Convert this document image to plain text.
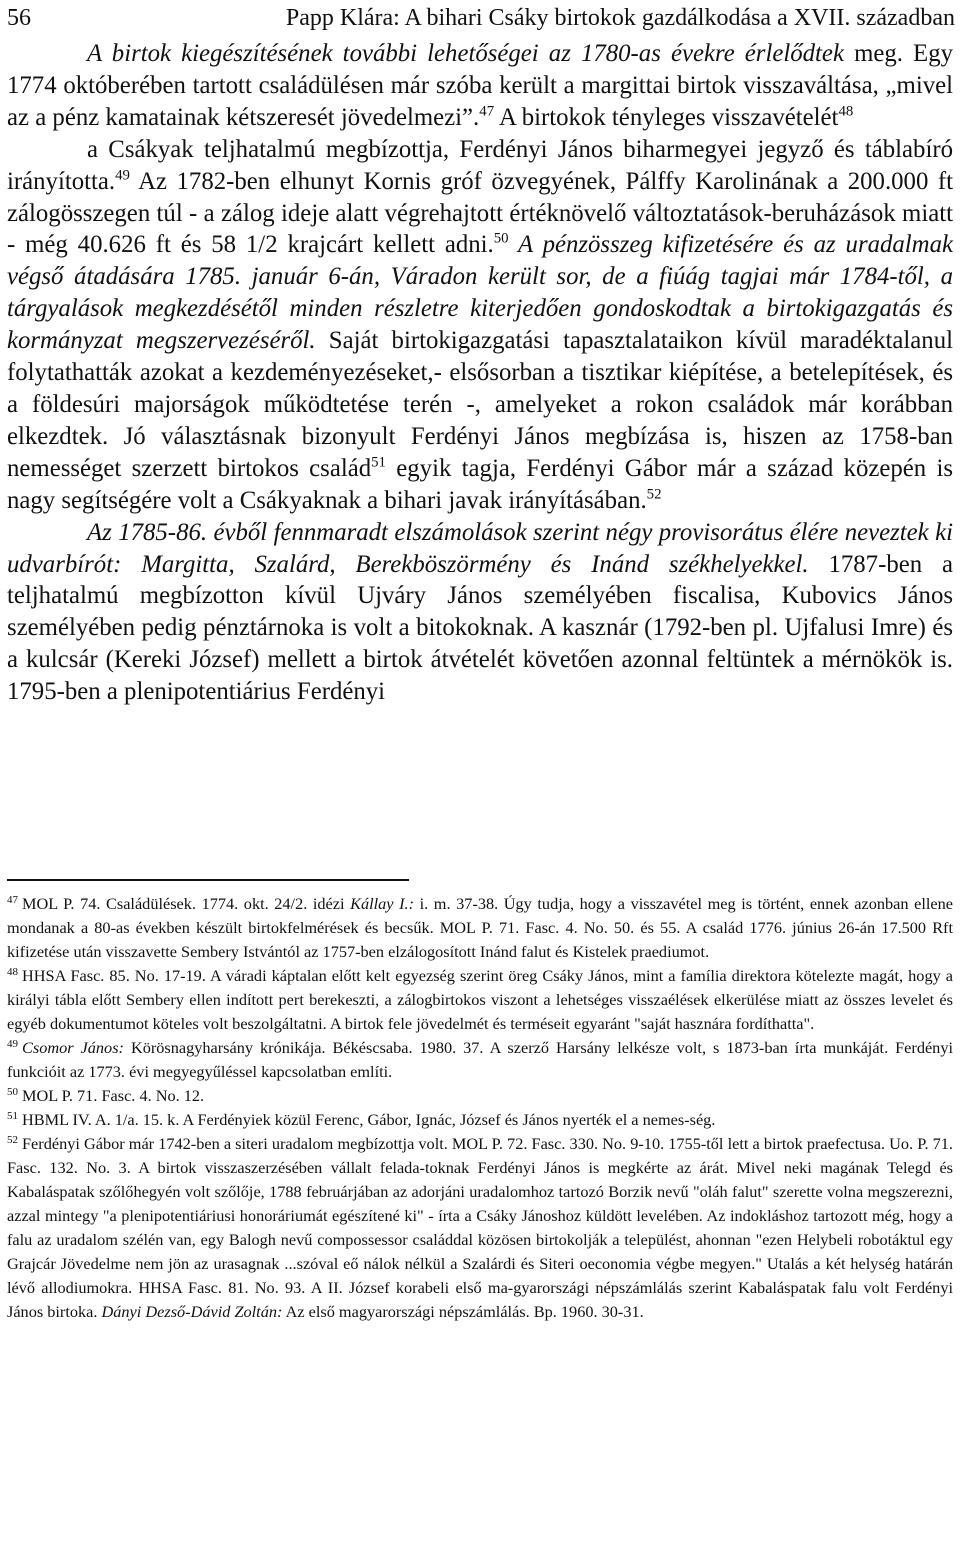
56	Papp Klára: A bihari Csáky birtokok gazdálkodása a XVII. században

A birtok kiegészítésének további lehetőségei az 1780-as évekre érlelődtek meg. Egy 1774 októberében tartott családülésen már szóba került a margittai birtok visszaváltása, „mivel az a pénz kamatainak kétszeresét jövedelmezi”.$^{47}$ A birtokok tényleges visszavételét$^{48}$

a Csákyak teljhatalmú megbízottja, Ferdényi János biharmegyei jegyző és táblabíró irányította.$^{49}$ Az 1782-ben elhunyt Kornis gróf özvegyének, Pálffy Karolinának a 200.000 ft zálogösszegen túl - a zálog ideje alatt végrehajtott értéknövelő változtatások-beruházások miatt - még 40.626 ft és 58 1/2 krajcárt kellett adni.$^{50}$ A pénzösszeg kifizetésére és az uradalmak végső átadására 1785. január 6-án, Váradon került sor, de a fiúág tagjai már 1784-től, a tárgyalások megkezdésétől minden részletre kiterjedően gondoskodtak a birtokigazgatás és kormányzat megszervezéséről. Saját birtokigazgatási tapasztalataikon kívül maradéktalanul folytathatták azokat a kezdeményezéseket,- elsősorban a tisztikar kiépítése, a betelepítések, és a földesúri majorságok működtetése terén -, amelyeket a rokon családok már korábban elkezdtek. Jó választásnak bizonyult Ferdényi János megbízása is, hiszen az 1758-ban nemességet szerzett birtokos család$^{51}$ egyik tagja, Ferdényi Gábor már a század közepén is nagy segítségére volt a Csákyaknak a bihari javak irányításában.$^{52}$

Az 1785-86. évből fennmaradt elszámolások szerint négy provisorátus élére neveztek ki udvarbírót: Margitta, Szalárd, Berekböszörmény és Inánd székhelyekkel. 1787-ben a teljhatalmú megbízotton kívül Ujváry János személyében fiscalisa, Kubovics János személyében pedig pénztárnoka is volt a bitokoknak. A kasznár (1792-ben pl. Ujfalusi Imre) és a kulcsár (Kereki József) mellett a birtok átvételét követően azonnal feltüntek a mérnökök is. 1795-ben a plenipotentiárius Ferdényi

$^{47}$ MOL P. 74. Családülések. 1774. okt. 24/2. idézi Kállay I.: i. m. 37-38. Úgy tudja, hogy a visszavétel meg is történt, ennek azonban ellene mondanak a 80-as években készült birtokfelmérések és becsűk. MOL P. 71. Fasc. 4. No. 50. és 55. A család 1776. június 26-án 17.500 Rft kifizetése után visszavette Sembery Istvántól az 1757-ben elzálogosított Inánd falut és Kistelek praediumot.

$^{48}$ HHSA Fasc. 85. No. 17-19. A váradi káptalan előtt kelt egyezség szerint öreg Csáky János, mint a família direktora kötelezte magát, hogy a királyi tábla előtt Sembery ellen indított pert berekeszti, a zálogbirtokos viszont a lehetséges visszaélések elkerülése miatt az összes levelet és egyéb dokumentumot köteles volt beszolgáltatni. A birtok fele jövedelmét és terméseit egyaránt "saját hasznára fordíthatta".

$^{49}$ Csomor János: Körösnagyharsány krónikája. Békéscsaba. 1980. 37. A szerző Harsány lelkésze volt, s 1873-ban írta munkáját. Ferdényi funkcióit az 1773. évi megyegyűléssel kapcsolatban említi.

$^{50}$ MOL P. 71. Fasc. 4. No. 12.

$^{51}$ HBML IV. A. 1/a. 15. k. A Ferdényiek közül Ferenc, Gábor, Ignác, József és János nyerték el a nemes-ség.

$^{52}$ Ferdényi Gábor már 1742-ben a siteri uradalom megbízottja volt. MOL P. 72. Fasc. 330. No. 9-10. 1755-től lett a birtok praefectusa. Uo. P. 71. Fasc. 132. No. 3. A birtok visszaszerzésében vállalt felada-toknak Ferdényi János is megkérte az árát. Mivel neki magának Telegd és Kabaláspatak szőlőhegyén volt szőlője, 1788 februárjában az adorjáni uradalomhoz tartozó Borzik nevű "oláh falut" szerette volna megszerezni, azzal mintegy "a plenipotentiáriusi honoráriumát egészítené ki" - írta a Csáky Jánoshoz küldött levelében. Az indokláshoz tartozott még, hogy a falu az uradalom szélén van, egy Balogh nevű compossessor családdal közösen birtokolják a települést, ahonnan "ezen Helybeli robotáktul egy Grajcár Jövedelme nem jön az urasagnak ...szóval eő nálok nélkül a Szalárdi és Siteri oeconomia végbe megyen." Utalás a két helység határán lévő allodiumokra. HHSA Fasc. 81. No. 93. A II. József korabeli első ma-gyarországi népszámlálás szerint Kabaláspatak falu volt Ferdényi János birtoka. Dányi Dezső-Dávid Zoltán: Az első magyarországi népszámlálás. Bp. 1960. 30-31.
